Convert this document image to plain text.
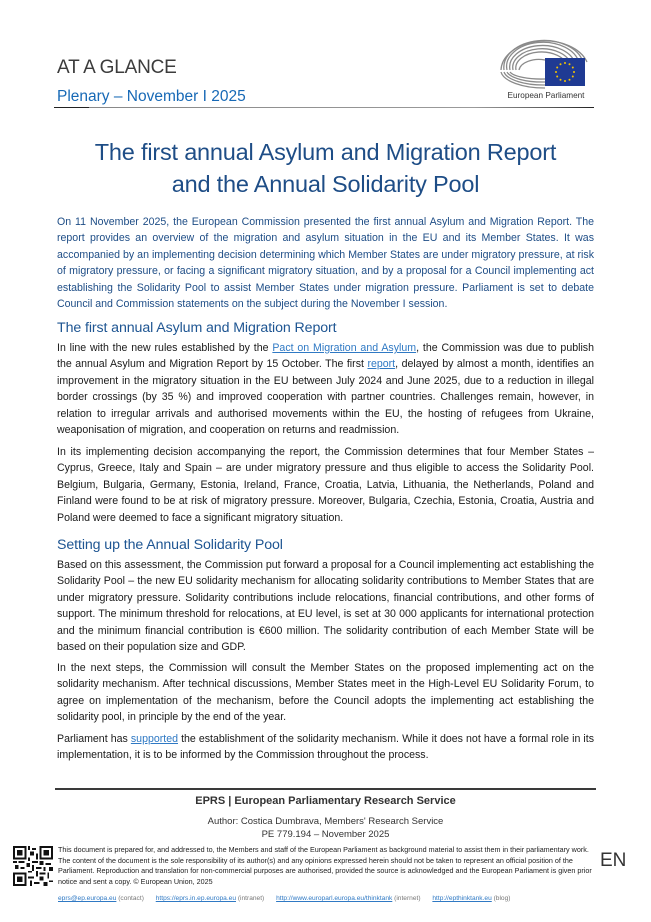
AT A GLANCE
Plenary – November I 2025	European Parliament
The first annual Asylum and Migration Report
and the Annual Solidarity Pool
On 11 November 2025, the European Commission presented the first annual Asylum and Migration Report. The report provides an overview of the migration and asylum situation in the EU and its Member States. It was accompanied by an implementing decision determining which Member States are under migratory pressure, at risk of migratory pressure, or facing a significant migratory situation, and by a proposal for a Council implementing act establishing the Solidarity Pool to assist Member States under migration pressure. Parliament is set to debate Council and Commission statements on the subject during the November I session.
The first annual Asylum and Migration Report
In line with the new rules established by the Pact on Migration and Asylum, the Commission was due to publish the annual Asylum and Migration Report by 15 October. The first report, delayed by almost a month, identifies an improvement in the migratory situation in the EU between July 2024 and June 2025, due to a reduction in illegal border crossings (by 35 %) and improved cooperation with partner countries. Challenges remain, however, in relation to irregular arrivals and authorised movements within the EU, the hosting of refugees from Ukraine, weaponisation of migration, and cooperation on returns and readmission.
In its implementing decision accompanying the report, the Commission determines that four Member States – Cyprus, Greece, Italy and Spain – are under migratory pressure and thus eligible to access the Solidarity Pool. Belgium, Bulgaria, Germany, Estonia, Ireland, France, Croatia, Latvia, Lithuania, the Netherlands, Poland and Finland were found to be at risk of migratory pressure. Moreover, Bulgaria, Czechia, Estonia, Croatia, Austria and Poland were deemed to face a significant migratory situation.
Setting up the Annual Solidarity Pool
Based on this assessment, the Commission put forward a proposal for a Council implementing act establishing the Solidarity Pool – the new EU solidarity mechanism for allocating solidarity contributions to Member States that are under migratory pressure. Solidarity contributions include relocations, financial contributions, and other forms of support. The minimum threshold for relocations, at EU level, is set at 30 000 applicants for international protection and the minimum financial contribution is €600 million. The solidarity contribution of each Member State will be based on their population size and GDP.
In the next steps, the Commission will consult the Member States on the proposed implementing act on the solidarity mechanism. After technical discussions, Member States meet in the High-Level EU Solidarity Forum, to agree on implementation of the mechanism, before the Council adopts the implementing act establishing the solidarity pool, in principle by the end of the year.
Parliament has supported the establishment of the solidarity mechanism. While it does not have a formal role in its implementation, it is to be informed by the Commission throughout the process.
EPRS | European Parliamentary Research Service
Author: Costica Dumbrava, Members' Research Service
PE 779.194 – November 2025
This document is prepared for, and addressed to, the Members and staff of the European Parliament as background material to assist them in their parliamentary work. The content of the document is the sole responsibility of its author(s) and any opinions expressed herein should not be taken to represent an official position of the Parliament. Reproduction and translation for non-commercial purposes are authorised, provided the source is acknowledged and the European Parliament is given prior notice and sent a copy. © European Union, 2025
EN
eprs@ep.europa.eu (contact) https://eprs.in.ep.europa.eu (intranet) http://www.europarl.europa.eu/thinktank (internet) http://epthinktank.eu (blog)
